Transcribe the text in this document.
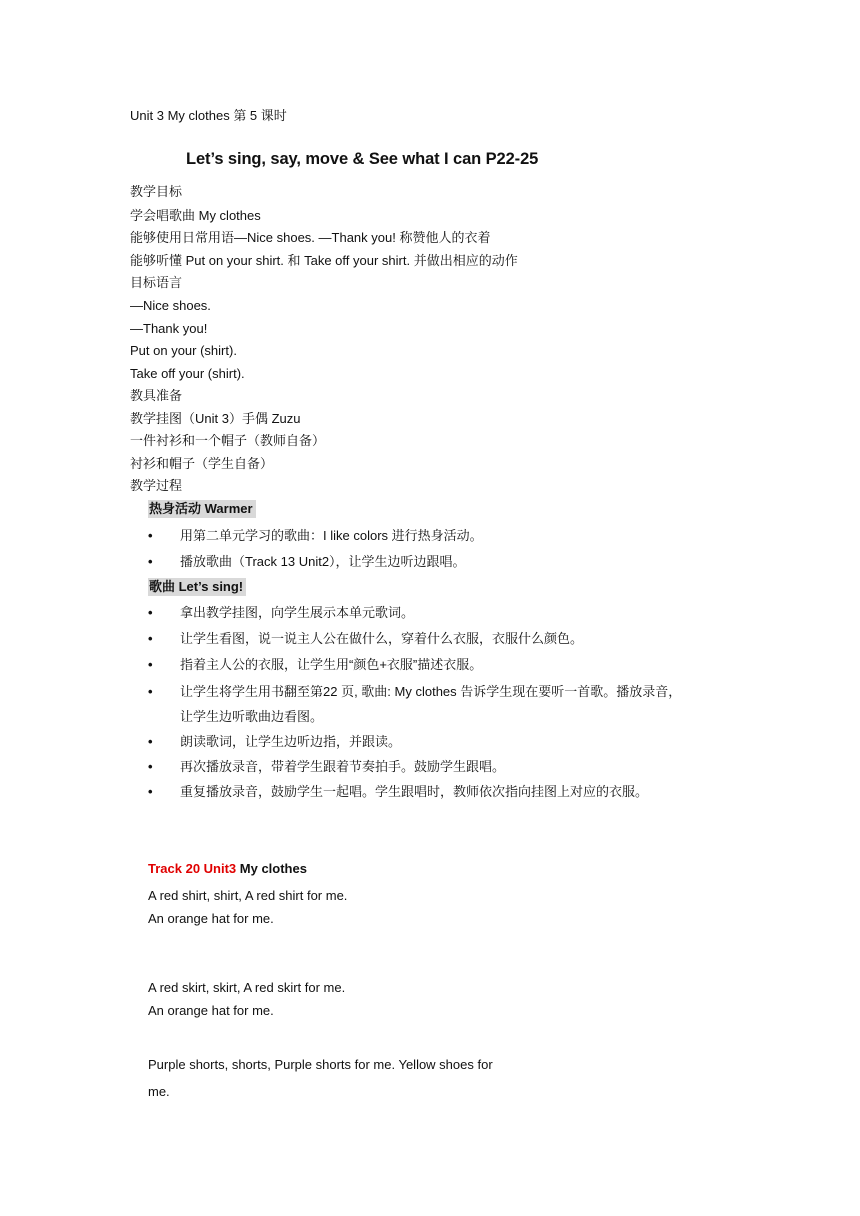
Unit 3 My clothes 第 5 课时
Let’s sing, say, move & See what I can P22-25
教学目标
学会唱歌曲 My clothes
能够使用日常用语—Nice shoes. —Thank you! 称赞他人的衣着
能够听懂 Put on your shirt. 和 Take off your shirt. 并做出相应的动作
目标语言
—Nice shoes.
—Thank you!
Put on your (shirt).
Take off your (shirt).
教具准备
教学挂图（Unit 3）手偶 Zuzu
一件衬衫和一个帽子（教师自备）
衬衫和帽子（学生自备）
教学过程
热身活动 Warmer
•	用第二单元学习的歌曲：I like colors 进行热身活动。
•	播放歌曲（Track 13 Unit2），让学生边听边跟唱。
歌曲 Let’s sing!
•	拿出教学挂图，向学生展示本单元歌词。
•	让学生看图，说一说主人公在做什么，穿着什么衣服，衣服什么颜色。
•	指着主人公的衣服，让学生用“颜色+衣服”描述衣服。
•	让学生将学生用书翻至第22 页, 歌曲: My clothes 告诉学生现在要听一首歌。播放录音，让学生边听歌曲边看图。
•	朗读歌词，让学生边听边指，并跟读。
•	再次播放录音，带着学生跟着节奏拍手。鼓励学生跟唱。
•	重复播放录音，鼓励学生一起唱。学生跟唱时，教师依次指向挂图上对应的衣服。
Track 20 Unit3 My clothes
A red shirt, shirt, A red shirt for me.
An orange hat for me.
A red skirt, skirt, A red skirt for me.
An orange hat for me.
Purple shorts, shorts, Purple shorts for me. Yellow shoes for
me.
